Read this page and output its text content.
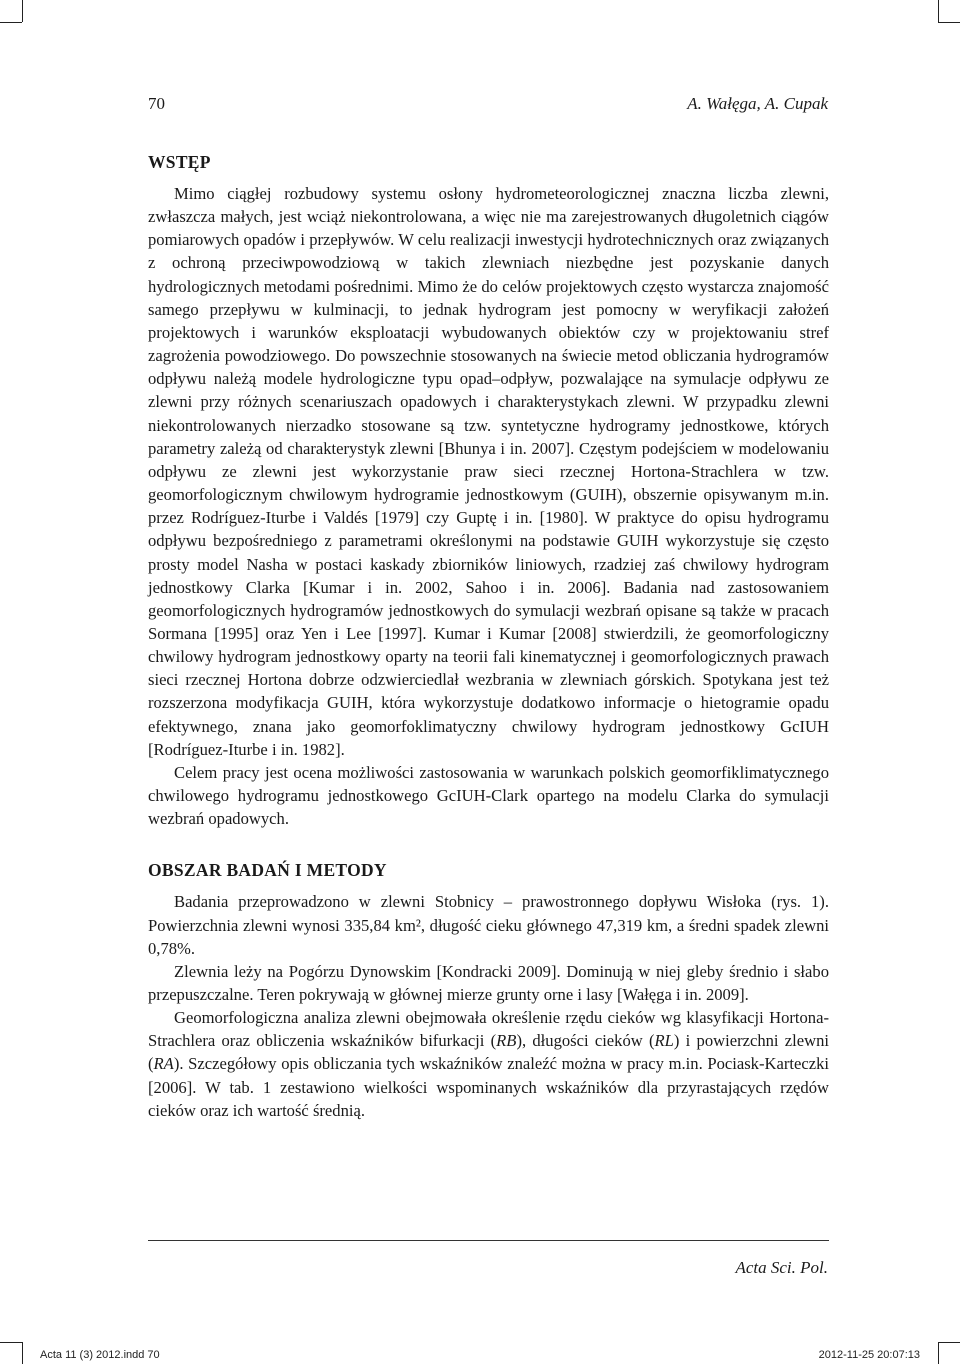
70	A. Wałęga, A. Cupak
WSTĘP

Mimo ciągłej rozbudowy systemu osłony hydrometeorologicznej znaczna liczba zlewni, zwłaszcza małych, jest wciąż niekontrolowana, a więc nie ma zarejestrowanych długoletnich ciągów pomiarowych opadów i przepływów. W celu realizacji inwestycji hydrotechnicznych oraz związanych z ochroną przeciwpowodziową w takich zlewniach niezbędne jest pozyskanie danych hydrologicznych metodami pośrednimi. Mimo że do celów projektowych często wystarcza znajomość samego przepływu w kulminacji, to jednak hydrogram jest pomocny w weryfikacji założeń projektowych i warunków eksploatacji wybudowanych obiektów czy w projektowaniu stref zagrożenia powodziowego. Do powszechnie stosowanych na świecie metod obliczania hydrogramów odpływu należą modele hydrologiczne typu opad–odpływ, pozwalające na symulacje odpływu ze zlewni przy różnych scenariuszach opadowych i charakterystykach zlewni. W przypadku zlewni niekontrolowanych nierzadko stosowane są tzw. syntetyczne hydrogramy jednostkowe, których parametry zależą od charakterystyk zlewni [Bhunya i in. 2007]. Częstym podejściem w modelowaniu odpływu ze zlewni jest wykorzystanie praw sieci rzecznej Hortona-Strachlera w tzw. geomorfologicznym chwilowym hydrogramie jednostkowym (GUIH), obszernie opisywanym m.in. przez Rodríguez-Iturbe i Valdés [1979] czy Guptę i in. [1980]. W praktyce do opisu hydrogramu odpływu bezpośredniego z parametrami określonymi na podstawie GUIH wykorzystuje się często prosty model Nasha w postaci kaskady zbiorników liniowych, rzadziej zaś chwilowy hydrogram jednostkowy Clarka [Kumar i in. 2002, Sahoo i in. 2006]. Badania nad zastosowaniem geomorfologicznych hydrogramów jednostkowych do symulacji wezbrań opisane są także w pracach Sormana [1995] oraz Yen i Lee [1997]. Kumar i Kumar [2008] stwierdzili, że geomorfologiczny chwilowy hydrogram jednostkowy oparty na teorii fali kinematycznej i geomorfologicznych prawach sieci rzecznej Hortona dobrze odzwierciedlał wezbrania w zlewniach górskich. Spotykana jest też rozszerzona modyfikacja GUIH, która wykorzystuje dodatkowo informacje o hietogramie opadu efektywnego, znana jako geomorfoklimatyczny chwilowy hydrogram jednostkowy GcIUH [Rodríguez-Iturbe i in. 1982].

Celem pracy jest ocena możliwości zastosowania w warunkach polskich geomorfiklimatycznego chwilowego hydrogramu jednostkowego GcIUH-Clark opartego na modelu Clarka do symulacji wezbrań opadowych.

OBSZAR BADAŃ I METODY

Badania przeprowadzono w zlewni Stobnicy – prawostronnego dopływu Wisłoka (rys. 1). Powierzchnia zlewni wynosi 335,84 km², długość cieku głównego 47,319 km, a średni spadek zlewni 0,78%.

Zlewnia leży na Pogórzu Dynowskim [Kondracki 2009]. Dominują w niej gleby średnio i słabo przepuszczalne. Teren pokrywają w głównej mierze grunty orne i lasy [Wałęga i in. 2009].

Geomorfologiczna analiza zlewni obejmowała określenie rzędu cieków wg klasyfikacji Hortona-Strachlera oraz obliczenia wskaźników bifurkacji (RB), długości cieków (RL) i powierzchni zlewni (RA). Szczegółowy opis obliczania tych wskaźników znaleźć można w pracy m.in. Pociask-Karteczki [2006]. W tab. 1 zestawiono wielkości wspominanych wskaźników dla przyrastających rzędów cieków oraz ich wartość średnią.

Acta Sci. Pol.
Acta 11 (3) 2012.indd 70	2012-11-25 20:07:13
